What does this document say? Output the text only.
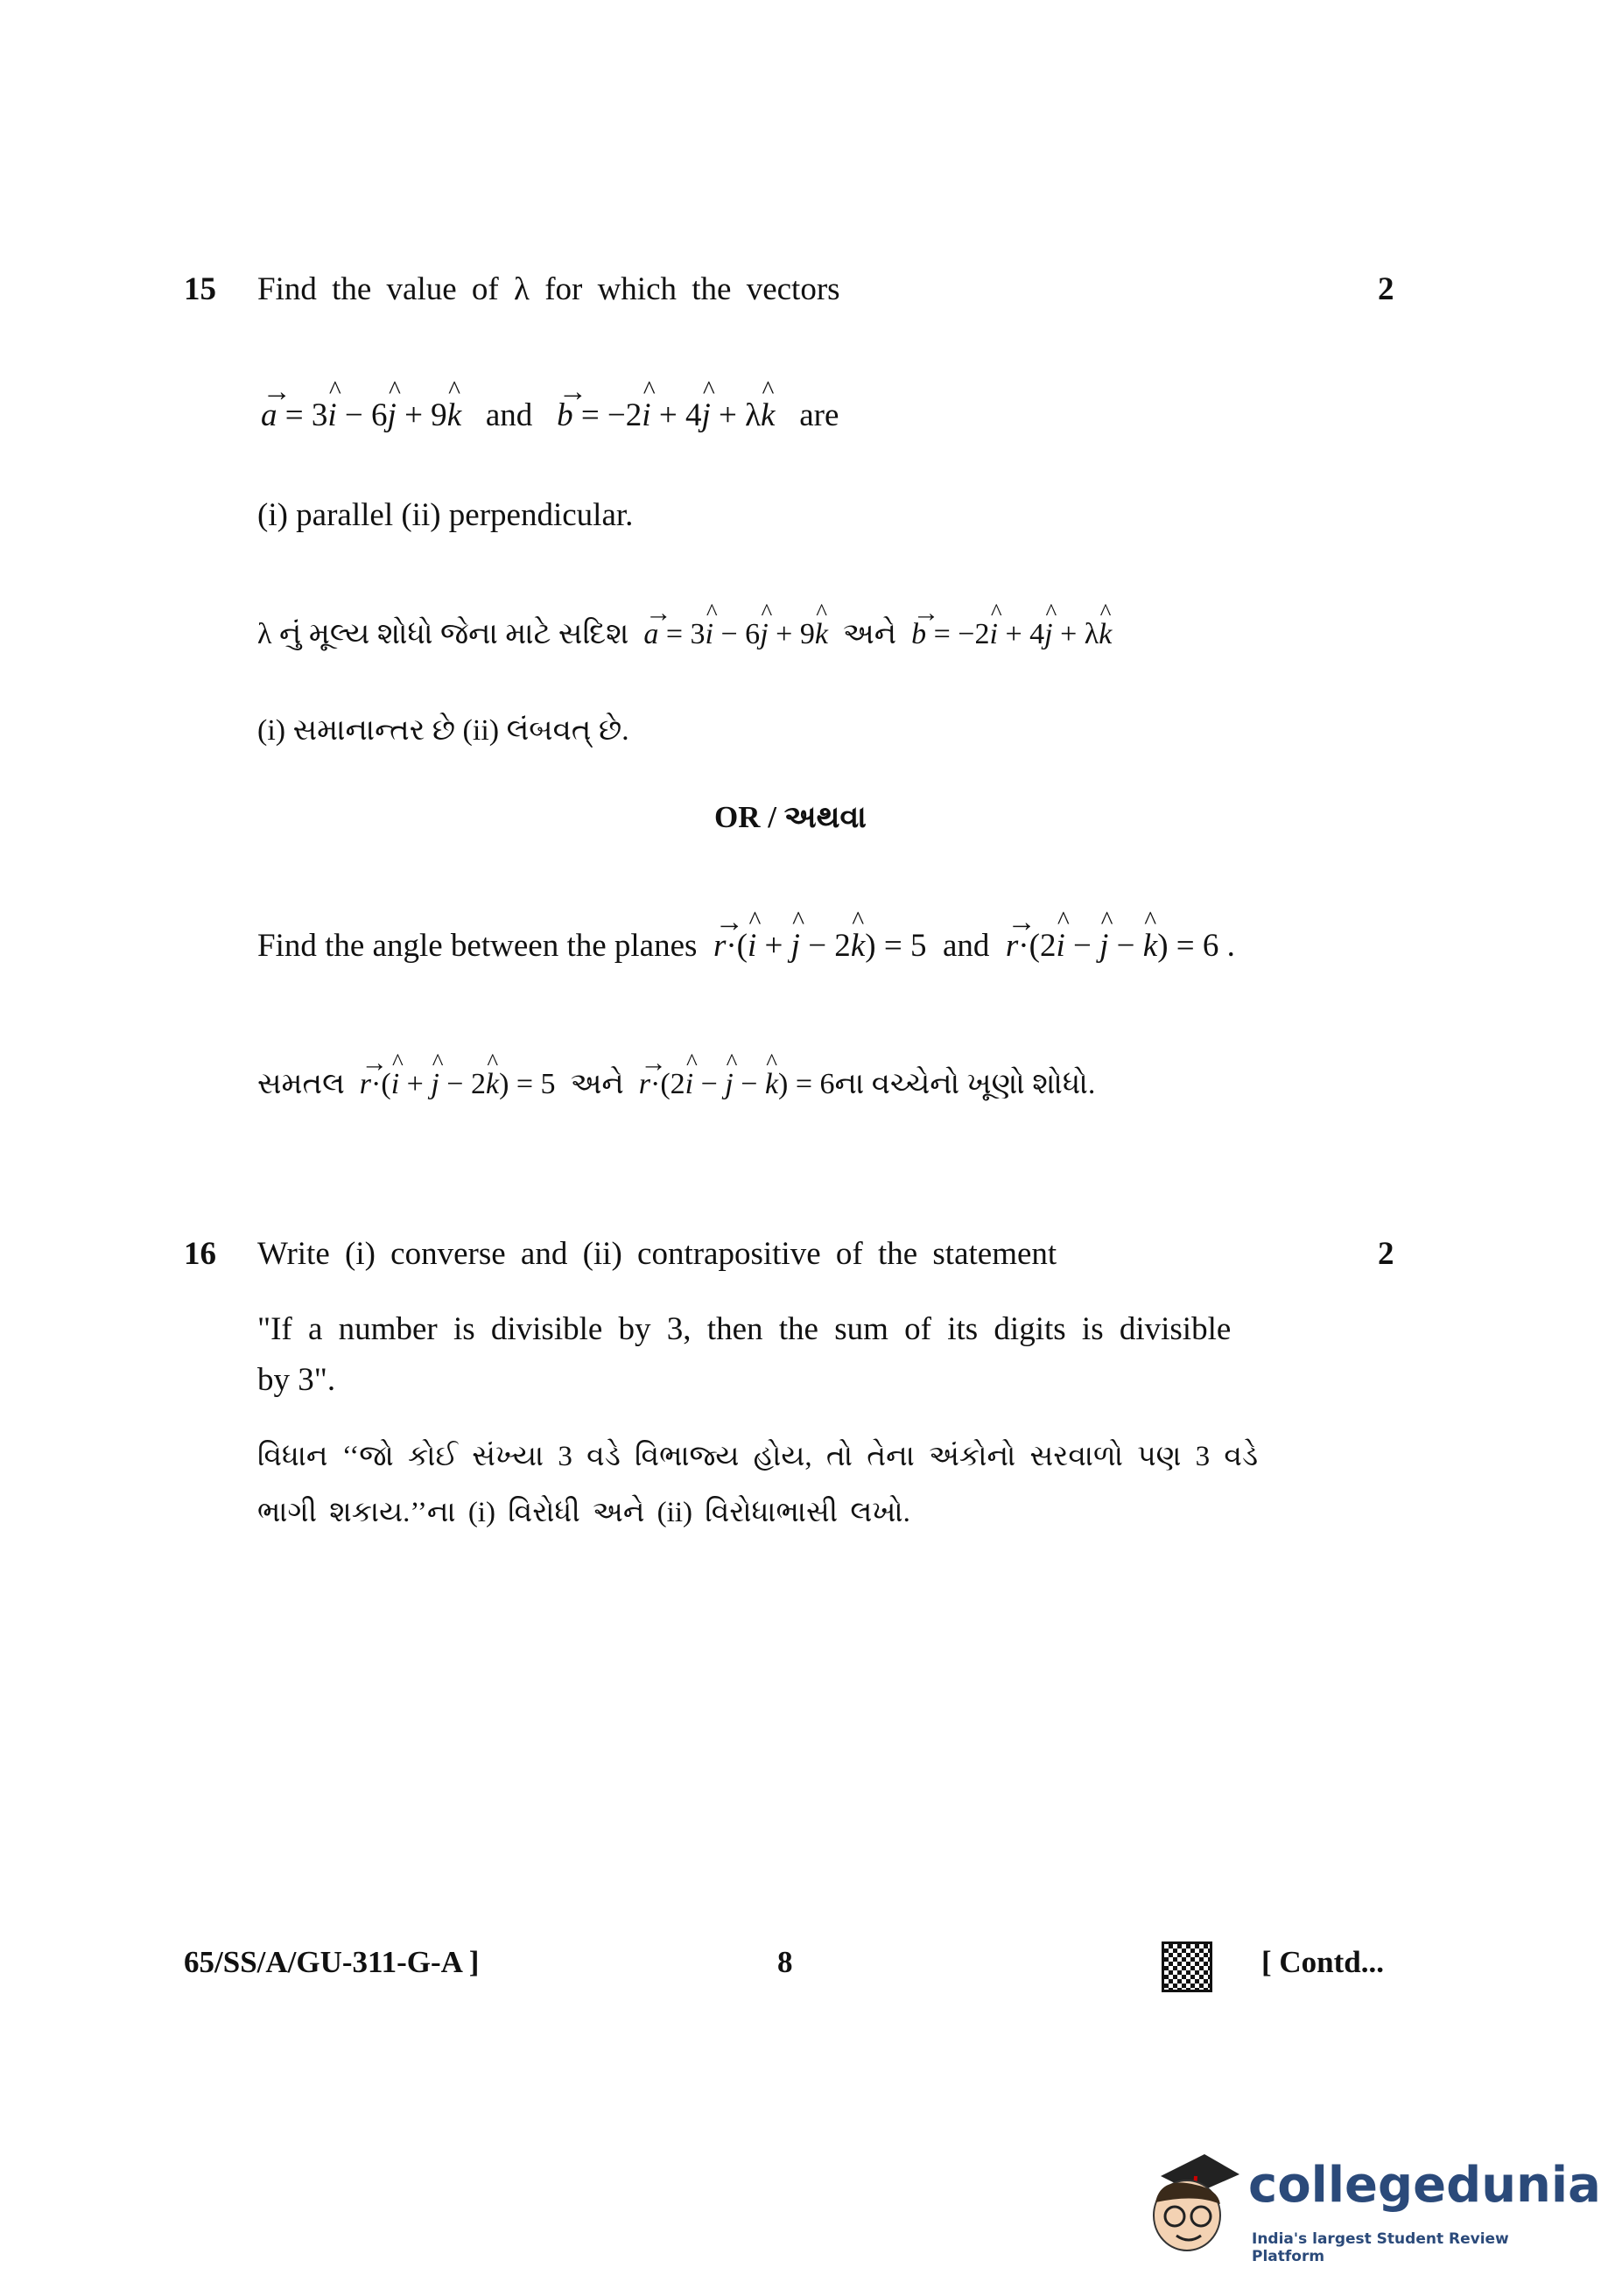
15 Find the value of λ for which the vectors	2
→ a = 3^ i − 6^ j + 9^ k and → b = −2^ i + 4^ j + λ^ k are
(i) parallel (ii) perpendicular.
λ નું મૂલ્ય શોધો જેના માટે સદિશ → a = 3^ i − 6^ j + 9^ k અને → b = −2^ i + 4^ j + λ^ k
(i) સમાનાન્તર છે (ii) લંબવત્ છે.
OR / અથવા
Find the angle between the planes → r·(^ i + ^ j − 2^ k) = 5  and → r·(2^ i − ^ j − ^ k) = 6 .
સમતલ → r·(^ i + ^ j − 2^ k) = 5  અને → r·(2^ i − ^ j − ^ k) = 6ના વચ્ચેનો ખૂણો શોધો.
16 Write (i) converse and (ii) contrapositive of the statement	2
"If a number is divisible by 3, then the sum of its digits is divisible
by 3".
વિધાન ‘‘જો કોઈ સંખ્યા 3 વડે વિભાજ્ય હોય, તો તેના અંકોનો સરવાળો પણ 3 વડે
ભાગી શકાય.’’ના (i) વિરોધી અને (ii) વિરોધાભાસી લખો.
65/SS/A/GU-311-G-A ]	8	[ Contd...
collegedunia
India's largest Student Review Platform
